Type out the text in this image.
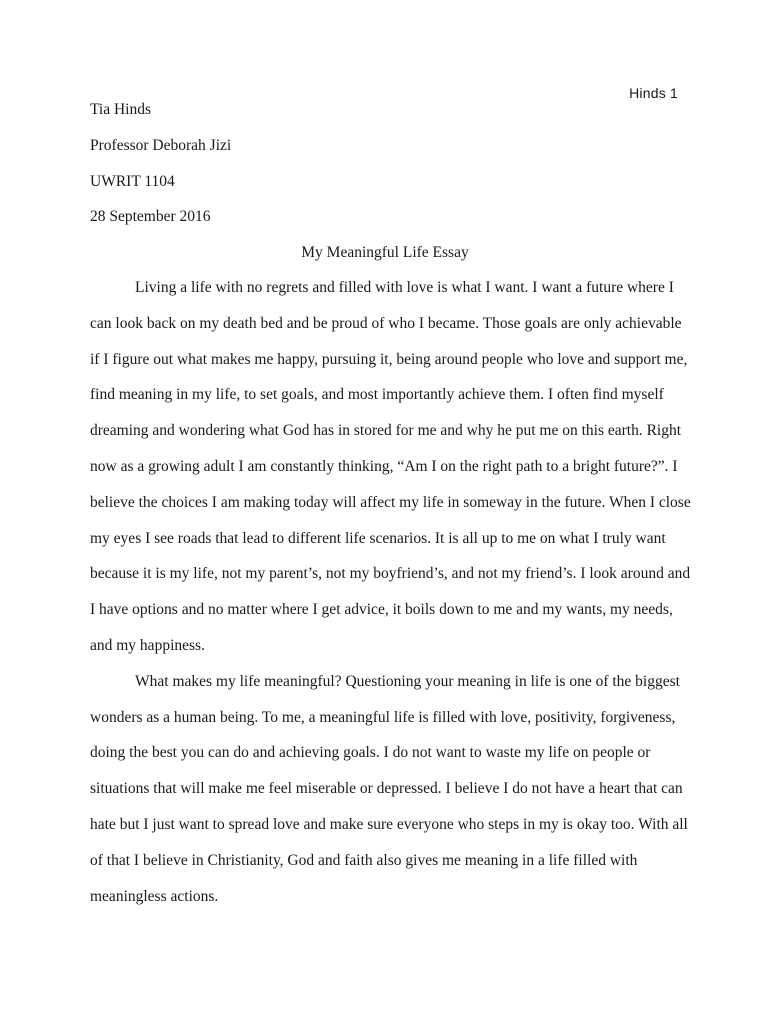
Hinds 1
Tia Hinds
Professor Deborah Jizi
UWRIT 1104
28 September 2016
My Meaningful Life Essay
Living a life with no regrets and filled with love is what I want. I want a future where I
can look back on my death bed and be proud of who I became. Those goals are only achievable
if I figure out what makes me happy, pursuing it, being around people who love and support me,
find meaning in my life, to set goals, and most importantly achieve them. I often find myself
dreaming and wondering what God has in stored for me and why he put me on this earth. Right
now as a growing adult I am constantly thinking, “Am I on the right path to a bright future?”. I
believe the choices I am making today will affect my life in someway in the future. When I close
my eyes I see roads that lead to different life scenarios. It is all up to me on what I truly want
because it is my life, not my parent’s, not my boyfriend’s, and not my friend’s. I look around and
I have options and no matter where I get advice, it boils down to me and my wants, my needs,
and my happiness.
What makes my life meaningful? Questioning your meaning in life is one of the biggest
wonders as a human being. To me, a meaningful life is filled with love, positivity, forgiveness,
doing the best you can do and achieving goals. I do not want to waste my life on people or
situations that will make me feel miserable or depressed. I believe I do not have a heart that can
hate but I just want to spread love and make sure everyone who steps in my is okay too. With all
of that I believe in Christianity, God and faith also gives me meaning in a life filled with
meaningless actions.
